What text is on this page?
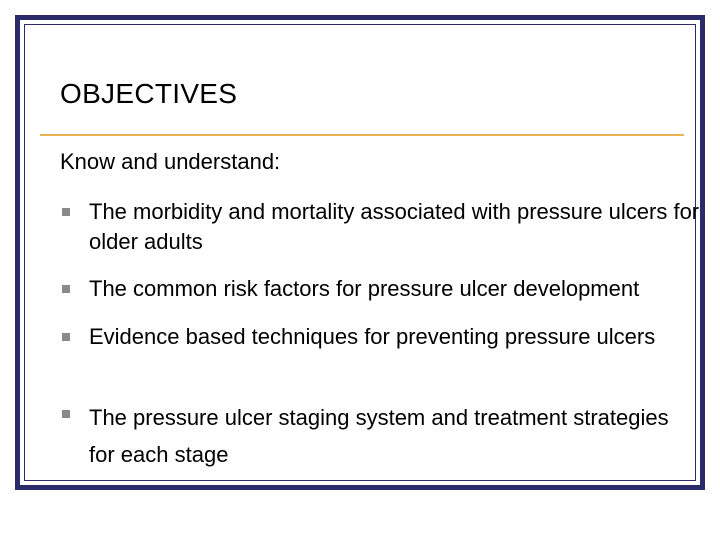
OBJECTIVES
Know and understand:
The morbidity and mortality associated with pressure ulcers for older adults
The common risk factors for pressure ulcer development
Evidence based techniques for preventing pressure ulcers
The pressure ulcer staging system and treatment strategies for each stage
